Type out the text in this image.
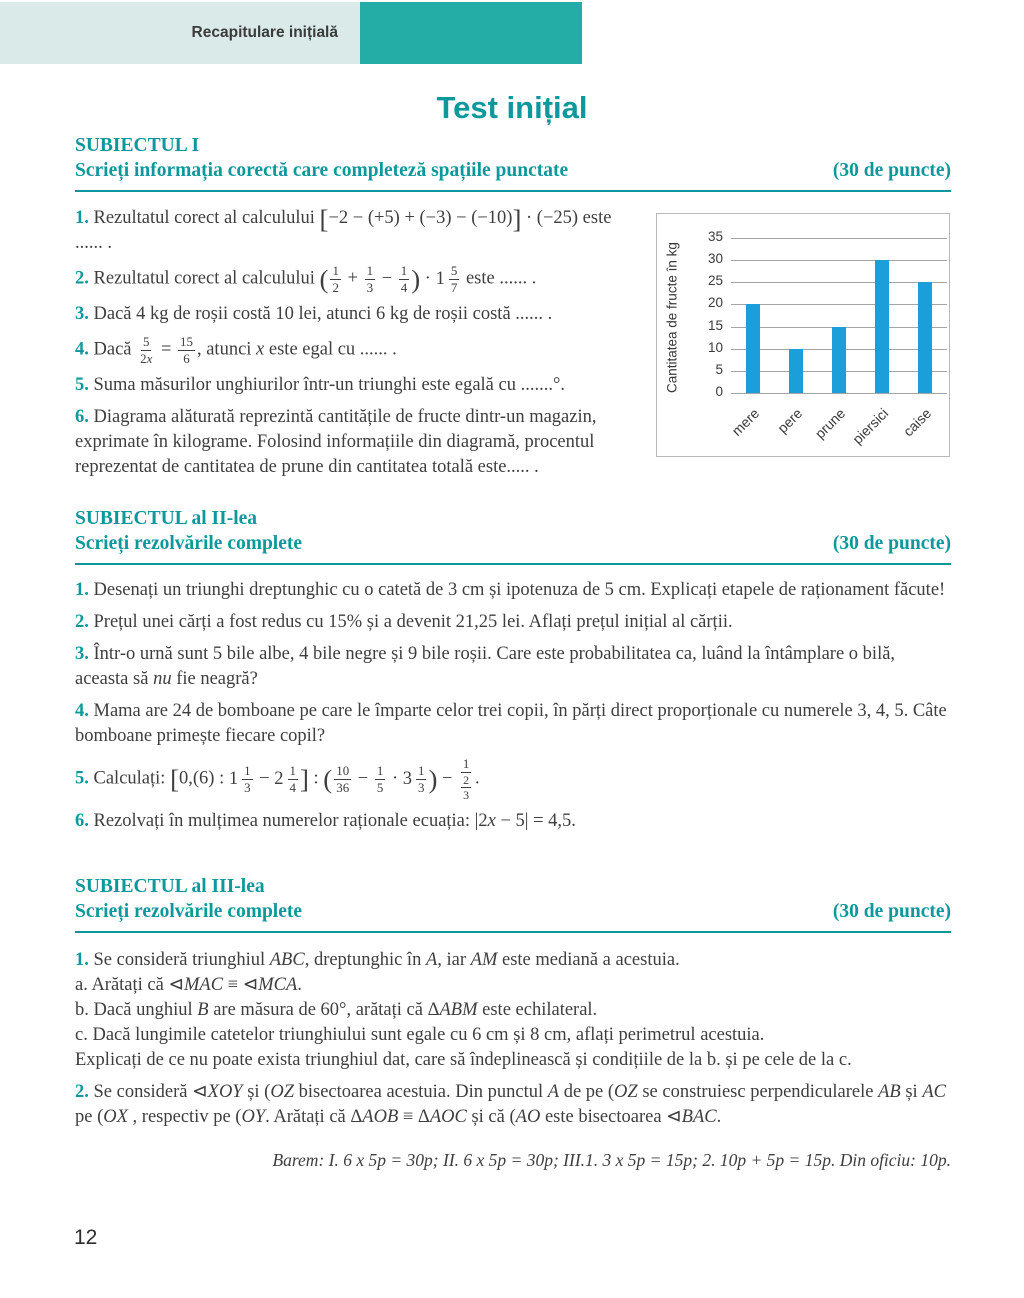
Recapitulare inițială
Test inițial
SUBIECTUL I
Scrieți informația corectă care completeză spațiile punctate	(30 de puncte)
1. Rezultatul corect al calculului [−2 − (+5) + (−3) − (−10)] · (−25) este ...... .
2. Rezultatul corect al calculului ( $\frac{1}{2} + \frac{1}{3} - \frac{1}{4}$ ) · $1 \frac{5}{7}$ este ...... .
3. Dacă 4 kg de roșii costă 10 lei, atunci 6 kg de roșii costă ...... .
4. Dacă $\frac{5}{2x} = \frac{15}{6}$ , atunci x este egal cu ...... .
5. Suma măsurilor unghiurilor într-un triunghi este egală cu .......°.
6. Diagrama alăturată reprezintă cantitățile de fructe dintr-un magazin, exprimate în kilograme. Folosind informațiile din diagramă, procentul reprezentat de cantitatea de prune din cantitatea totală este..... .
Cantitatea de fructe în kg	0
5
10
15
20
25
30
35
mere pere prune piersici caise
SUBIECTUL al II-lea
Scrieți rezolvările complete	(30 de puncte)
1. Desenați un triunghi dreptunghic cu o catetă de 3 cm și ipotenuza de 5 cm. Explicați etapele de raționament făcute!
2. Prețul unei cărți a fost redus cu 15% și a devenit 21,25 lei. Aflați prețul inițial al cărții.
3. Într-o urnă sunt 5 bile albe, 4 bile negre și 9 bile roșii. Care este probabilitatea ca, luând la întâmplare o bilă, aceasta să nu fie neagră?
4. Mama are 24 de bomboane pe care le împarte celor trei copii, în părți direct proporționale cu numerele 3, 4, 5. Câte bomboane primește fiecare copil?
5. Calculați: [0,(6) : $1 \frac{1}{3} - 2 \frac{1}{4}$ ] : ( $\frac{10}{36} - \frac{1}{5} \cdot 3 \frac{1}{3}$ ) − $\frac{1}{\frac{2}{3}}$ .
6. Rezolvați în mulțimea numerelor raționale ecuația: |2x − 5| = 4,5.
SUBIECTUL al III-lea
Scrieți rezolvările complete	(30 de puncte)
1. Se consideră triunghiul ABC, dreptunghic în A, iar AM este mediană a acestuia.
a. Arătați că ⊲MAC ≡ ⊲MCA.
b. Dacă unghiul B are măsura de 60°, arătați că ΔABM este echilateral.
c. Dacă lungimile catetelor triunghiului sunt egale cu 6 cm și 8 cm, aflați perimetrul acestuia.
Explicați de ce nu poate exista triunghiul dat, care să îndeplinească și condițiile de la b. și pe cele de la c.
2. Se consideră ⊲XOY și (OZ bisectoarea acestuia. Din punctul A de pe (OZ se construiesc perpendicularele AB și AC pe (OX , respectiv pe (OY. Arătați că ΔAOB ≡ ΔAOC și că (AO este bisectoarea ⊲BAC.
Barem: I. 6 x 5p = 30p; II. 6 x 5p = 30p; III.1. 3 x 5p = 15p; 2. 10p + 5p = 15p. Din oficiu: 10p.
12
